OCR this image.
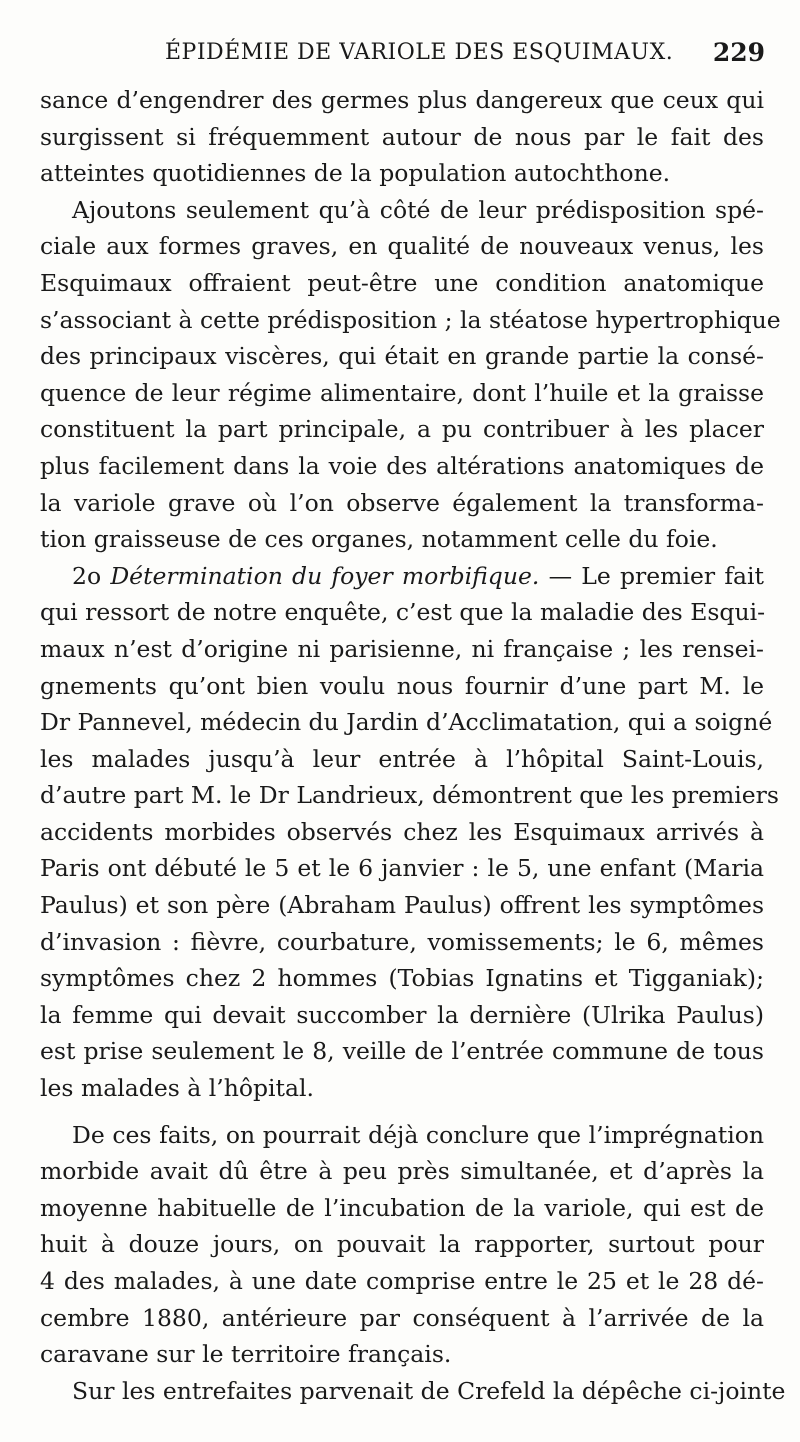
ÉPIDÉMIE DE VARIOLE DES ESQUIMAUX. 229
sance d’engendrer des germes plus dangereux que ceux qui
surgissent si fréquemment autour de nous par le fait des
atteintes quotidiennes de la population autochthone.
Ajoutons seulement qu’à côté de leur prédisposition spé-
ciale aux formes graves, en qualité de nouveaux venus, les
Esquimaux offraient peut-être une condition anatomique
s’associant à cette prédisposition ; la stéatose hypertrophique
des principaux viscères, qui était en grande partie la consé-
quence de leur régime alimentaire, dont l’huile et la graisse
constituent la part principale, a pu contribuer à les placer
plus facilement dans la voie des altérations anatomiques de
la variole grave où l’on observe également la transforma-
tion graisseuse de ces organes, notamment celle du foie.
2o Détermination du foyer morbifique. — Le premier fait
qui ressort de notre enquête, c’est que la maladie des Esqui-
maux n’est d’origine ni parisienne, ni française ; les rensei-
gnements qu’ont bien voulu nous fournir d’une part M. le
Dr Pannevel, médecin du Jardin d’Acclimatation, qui a soigné
les malades jusqu’à leur entrée à l’hôpital Saint-Louis,
d’autre part M. le Dr Landrieux, démontrent que les premiers
accidents morbides observés chez les Esquimaux arrivés à
Paris ont débuté le 5 et le 6 janvier : le 5, une enfant (Maria
Paulus) et son père (Abraham Paulus) offrent les symptômes
d’invasion : fièvre, courbature, vomissements; le 6, mêmes
symptômes chez 2 hommes (Tobias Ignatins et Tigganiak);
la femme qui devait succomber la dernière (Ulrika Paulus)
est prise seulement le 8, veille de l’entrée commune de tous
les malades à l’hôpital.
De ces faits, on pourrait déjà conclure que l’imprégnation
morbide avait dû être à peu près simultanée, et d’après la
moyenne habituelle de l’incubation de la variole, qui est de
huit à douze jours, on pouvait la rapporter, surtout pour
4 des malades, à une date comprise entre le 25 et le 28 dé-
cembre 1880, antérieure par conséquent à l’arrivée de la
caravane sur le territoire français.
Sur les entrefaites parvenait de Crefeld la dépêche ci-jointe
